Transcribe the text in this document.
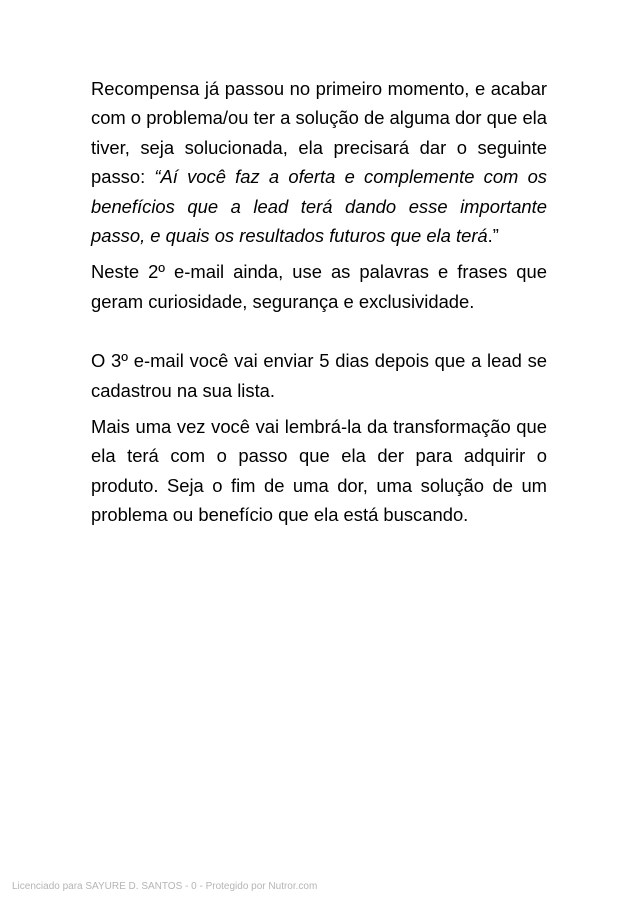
Recompensa já passou no primeiro momento, e acabar com o problema/ou ter a solução de alguma dor que ela tiver, seja solucionada, ela precisará dar o seguinte passo: “Aí você faz a oferta e complemente com os benefícios que a lead terá dando esse importante passo, e quais os resultados futuros que ela terá.”

Neste 2º e-mail ainda, use as palavras e frases que geram curiosidade, segurança e exclusividade.

O 3º e-mail você vai enviar 5 dias depois que a lead se cadastrou na sua lista.

Mais uma vez você vai lembrá-la da transformação que ela terá com o passo que ela der para adquirir o produto. Seja o fim de uma dor, uma solução de um problema ou benefício que ela está buscando.

Licenciado para SAYURE D. SANTOS - 0 - Protegido por Nutror.com
